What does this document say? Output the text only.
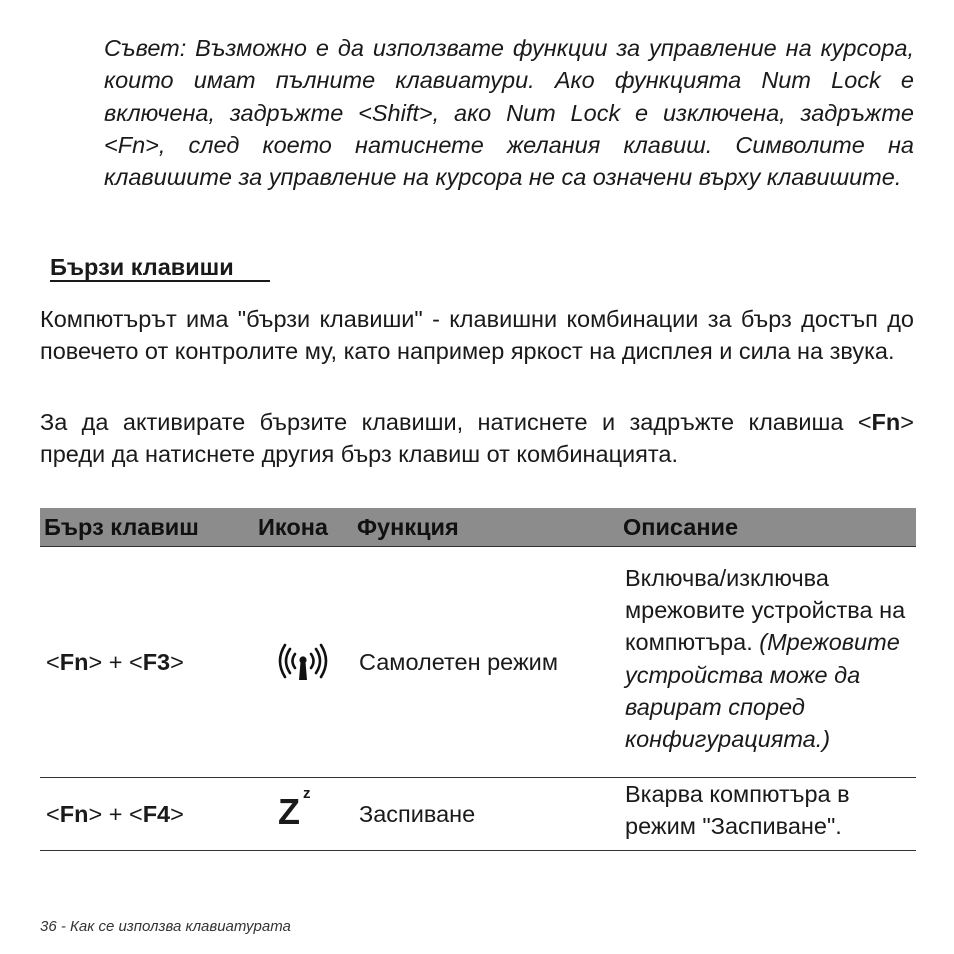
Съвет: Възможно е да използвате функции за управление на курсора, които имат пълните клавиатури. Ако функцията Num Lock е включена, задръжте <Shift>, ако Num Lock е изключена, задръжте <Fn>, след което натиснете желания клавиш. Символите на клавишите за управление на курсора не са означени върху клавишите.

Бързи клавиши

Компютърът има "бързи клавиши" - клавишни комбинации за бърз достъп до повечето от контролите му, като например яркост на дисплея и сила на звука.

За да активирате бързите клавиши, натиснете и задръжте клавиша <Fn> преди да натиснете другия бърз клавиш от комбинацията.

Бърз клавиш	Икона	Функция	Описание
<Fn> + <F3>		Самолетен режим	Включва/изключва мрежовите устройства на компютъра. (Мрежовите устройства може да варират според конфигурацията.)
<Fn> + <F4>	Z z	Заспиване	Вкарва компютъра в режим "Заспиване".

36 - Как се използва клавиатурата
